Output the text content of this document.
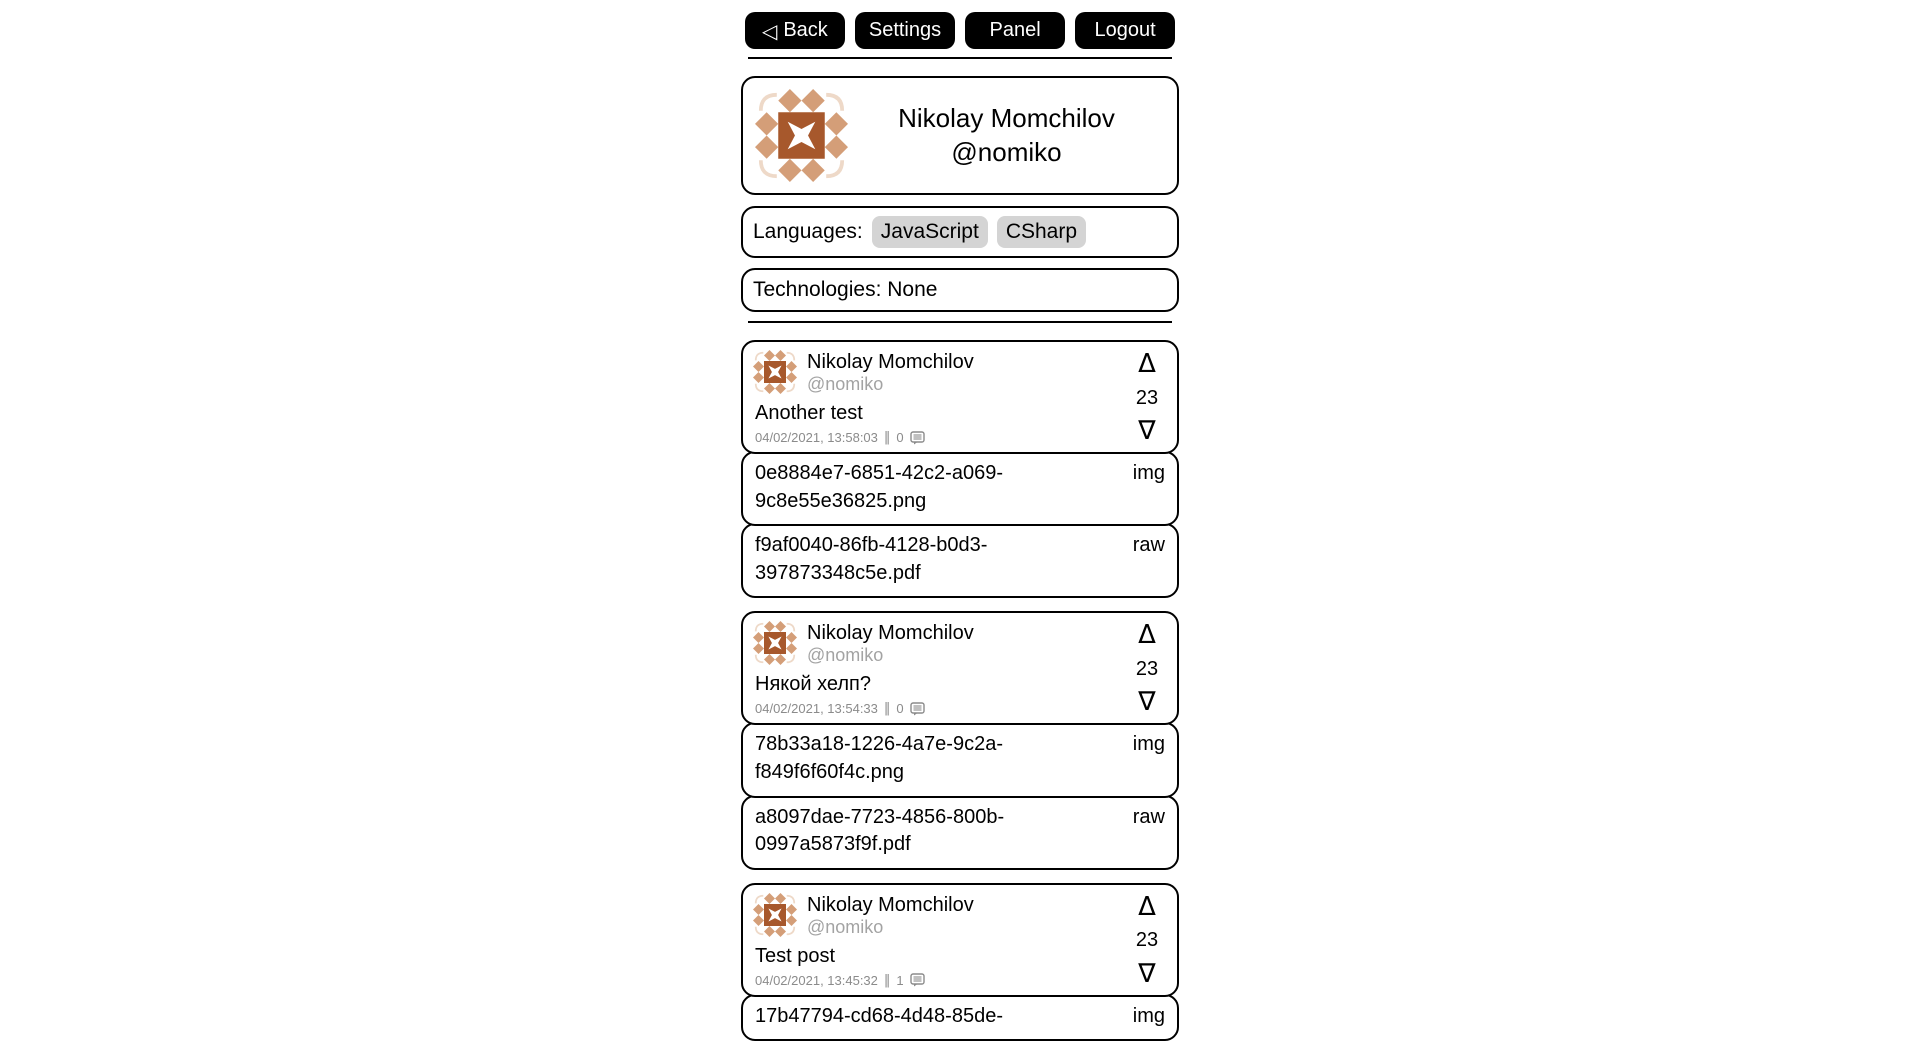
◁ Back	Settings	Panel	Logout
Nikolay Momchilov
@nomiko
Languages: JavaScript	CSharp
Technologies: None
Nikolay Momchilov
@nomiko
Δ
23
∇
Another test
04/02/2021, 13:58:03 ‖ 0
0e8884e7-6851-42c2-a069-9c8e55e36825.png
img
f9af0040-86fb-4128-b0d3-397873348c5e.pdf
raw
Nikolay Momchilov
@nomiko
Δ
23
∇
Някой хелп?
04/02/2021, 13:54:33 ‖ 0
78b33a18-1226-4a7e-9c2a-f849f6f60f4c.png
img
a8097dae-7723-4856-800b-0997a5873f9f.pdf
raw
Nikolay Momchilov
@nomiko
Δ
23
∇
Test post
04/02/2021, 13:45:32 ‖ 1
17b47794-cd68-4d48-85de-	img
